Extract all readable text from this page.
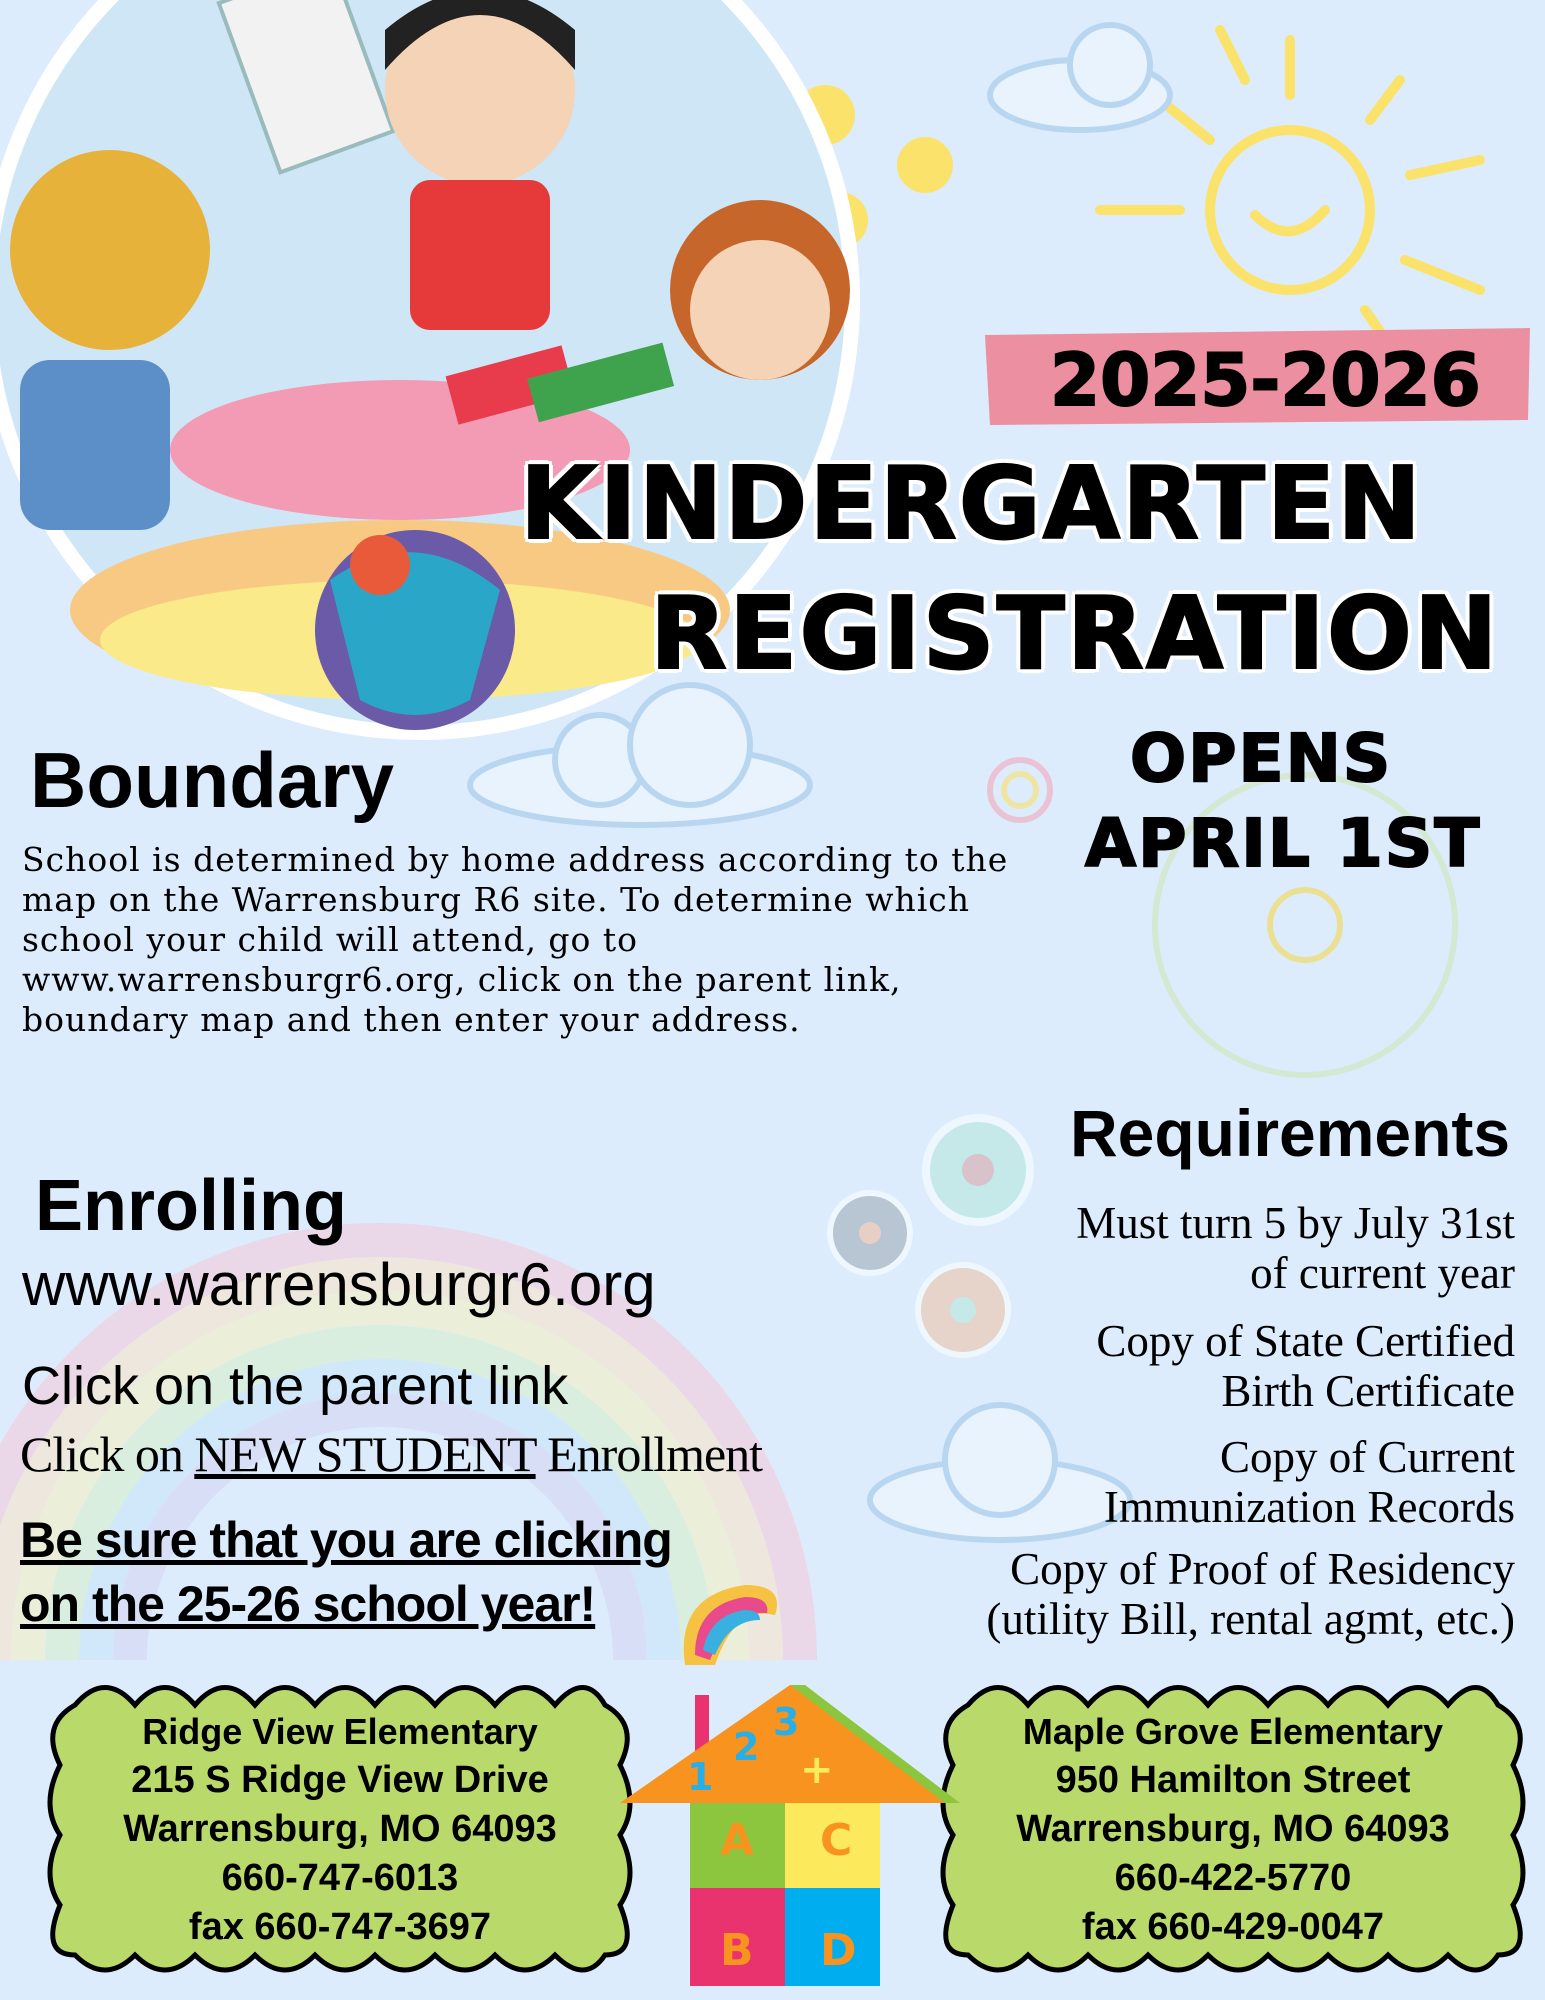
2025-2026
KINDERGARTEN
REGISTRATION
OPENS
APRIL 1ST
Boundary
School is determined by home address according to the map on the Warrensburg R6 site. To determine which school your child will attend, go to www.warrensburgr6.org, click on the parent link, boundary map and then enter your address.
Requirements
Must turn 5 by July 31st
of current year
Copy of State Certified
Birth Certificate
Copy of Current
Immunization Records
Copy of Proof of Residency
(utility Bill, rental agmt, etc.)
Enrolling
www.warrensburgr6.org
Click on the parent link
Click on NEW STUDENT Enrollment
Be sure that you are clicking
on the 25-26 school year!
Ridge View Elementary
215 S Ridge View Drive
Warrensburg, MO 64093
660-747-6013
fax 660-747-3697
Maple Grove Elementary
950 Hamilton Street
Warrensburg, MO 64093
660-422-5770
fax 660-429-0047
1
2
3
+
A C
B D
